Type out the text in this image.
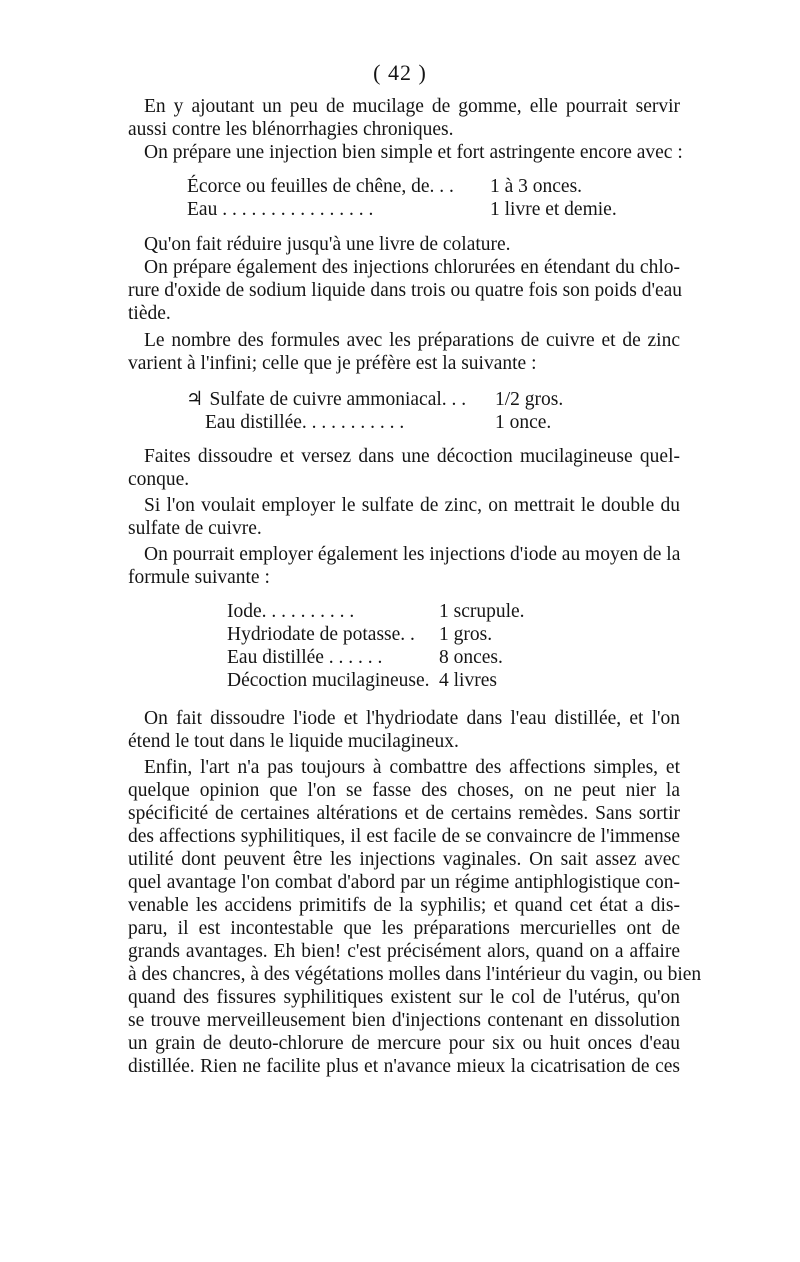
( 42 )
En y ajoutant un peu de mucilage de gomme, elle pourrait servir
aussi contre les blénorrhagies chroniques.
On prépare une injection bien simple et fort astringente encore avec :
Écorce ou feuilles de chêne, de. . . 1 à 3 onces.
Eau . . . . . . . . . . . . . . . .	1 livre et demie.
Qu'on fait réduire jusqu'à une livre de colature.
On prépare également des injections chlorurées en étendant du chlo-
rure d'oxide de sodium liquide dans trois ou quatre fois son poids d'eau
tiède.
Le nombre des formules avec les préparations de cuivre et de zinc
varient à l'infini; celle que je préfère est la suivante :
♃ Sulfate de cuivre ammoniacal. . . 1/2 gros.
Eau distillée. . . . . . . . . . .	1 once.
Faites dissoudre et versez dans une décoction mucilagineuse quel-
conque.
Si l'on voulait employer le sulfate de zinc, on mettrait le double du
sulfate de cuivre.
On pourrait employer également les injections d'iode au moyen de la
formule suivante :
Iode. . . . . . . . . .	1 scrupule.
Hydriodate de potasse. . 1 gros.
Eau distillée . . . . . .	8 onces.
Décoction mucilagineuse. 4 livres
On fait dissoudre l'iode et l'hydriodate dans l'eau distillée, et l'on
étend le tout dans le liquide mucilagineux.
Enfin, l'art n'a pas toujours à combattre des affections simples, et
quelque opinion que l'on se fasse des choses, on ne peut nier la
spécificité de certaines altérations et de certains remèdes. Sans sortir
des affections syphilitiques, il est facile de se convaincre de l'immense
utilité dont peuvent être les injections vaginales. On sait assez avec
quel avantage l'on combat d'abord par un régime antiphlogistique con-
venable les accidens primitifs de la syphilis; et quand cet état a dis-
paru, il est incontestable que les préparations mercurielles ont de
grands avantages. Eh bien! c'est précisément alors, quand on a affaire
à des chancres, à des végétations molles dans l'intérieur du vagin, ou bien
quand des fissures syphilitiques existent sur le col de l'utérus, qu'on
se trouve merveilleusement bien d'injections contenant en dissolution
un grain de deuto-chlorure de mercure pour six ou huit onces d'eau
distillée. Rien ne facilite plus et n'avance mieux la cicatrisation de ces
